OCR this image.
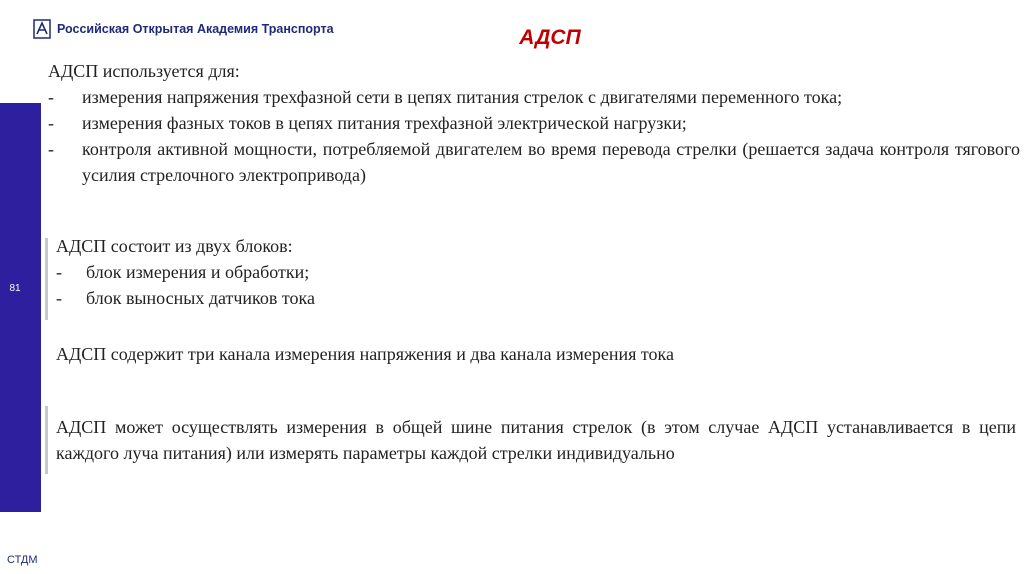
Российская Открытая Академия Транспорта	АДСП
81
СТДМ
АДСП используется для:
- измерения напряжения трехфазной сети в цепях питания стрелок с двигателями переменного тока;
- измерения фазных токов в цепях питания трехфазной электрической нагрузки;
- контроля активной мощности, потребляемой двигателем во время перевода стрелки (решается задача контроля тягового усилия стрелочного электропривода)
АДСП состоит из двух блоков:
- блок измерения и обработки;
- блок выносных датчиков тока
АДСП содержит три канала измерения напряжения и два канала измерения тока
АДСП может осуществлять измерения в общей шине питания стрелок (в этом случае АДСП устанавливается в цепи каждого луча питания) или измерять параметры каждой стрелки индивидуально
